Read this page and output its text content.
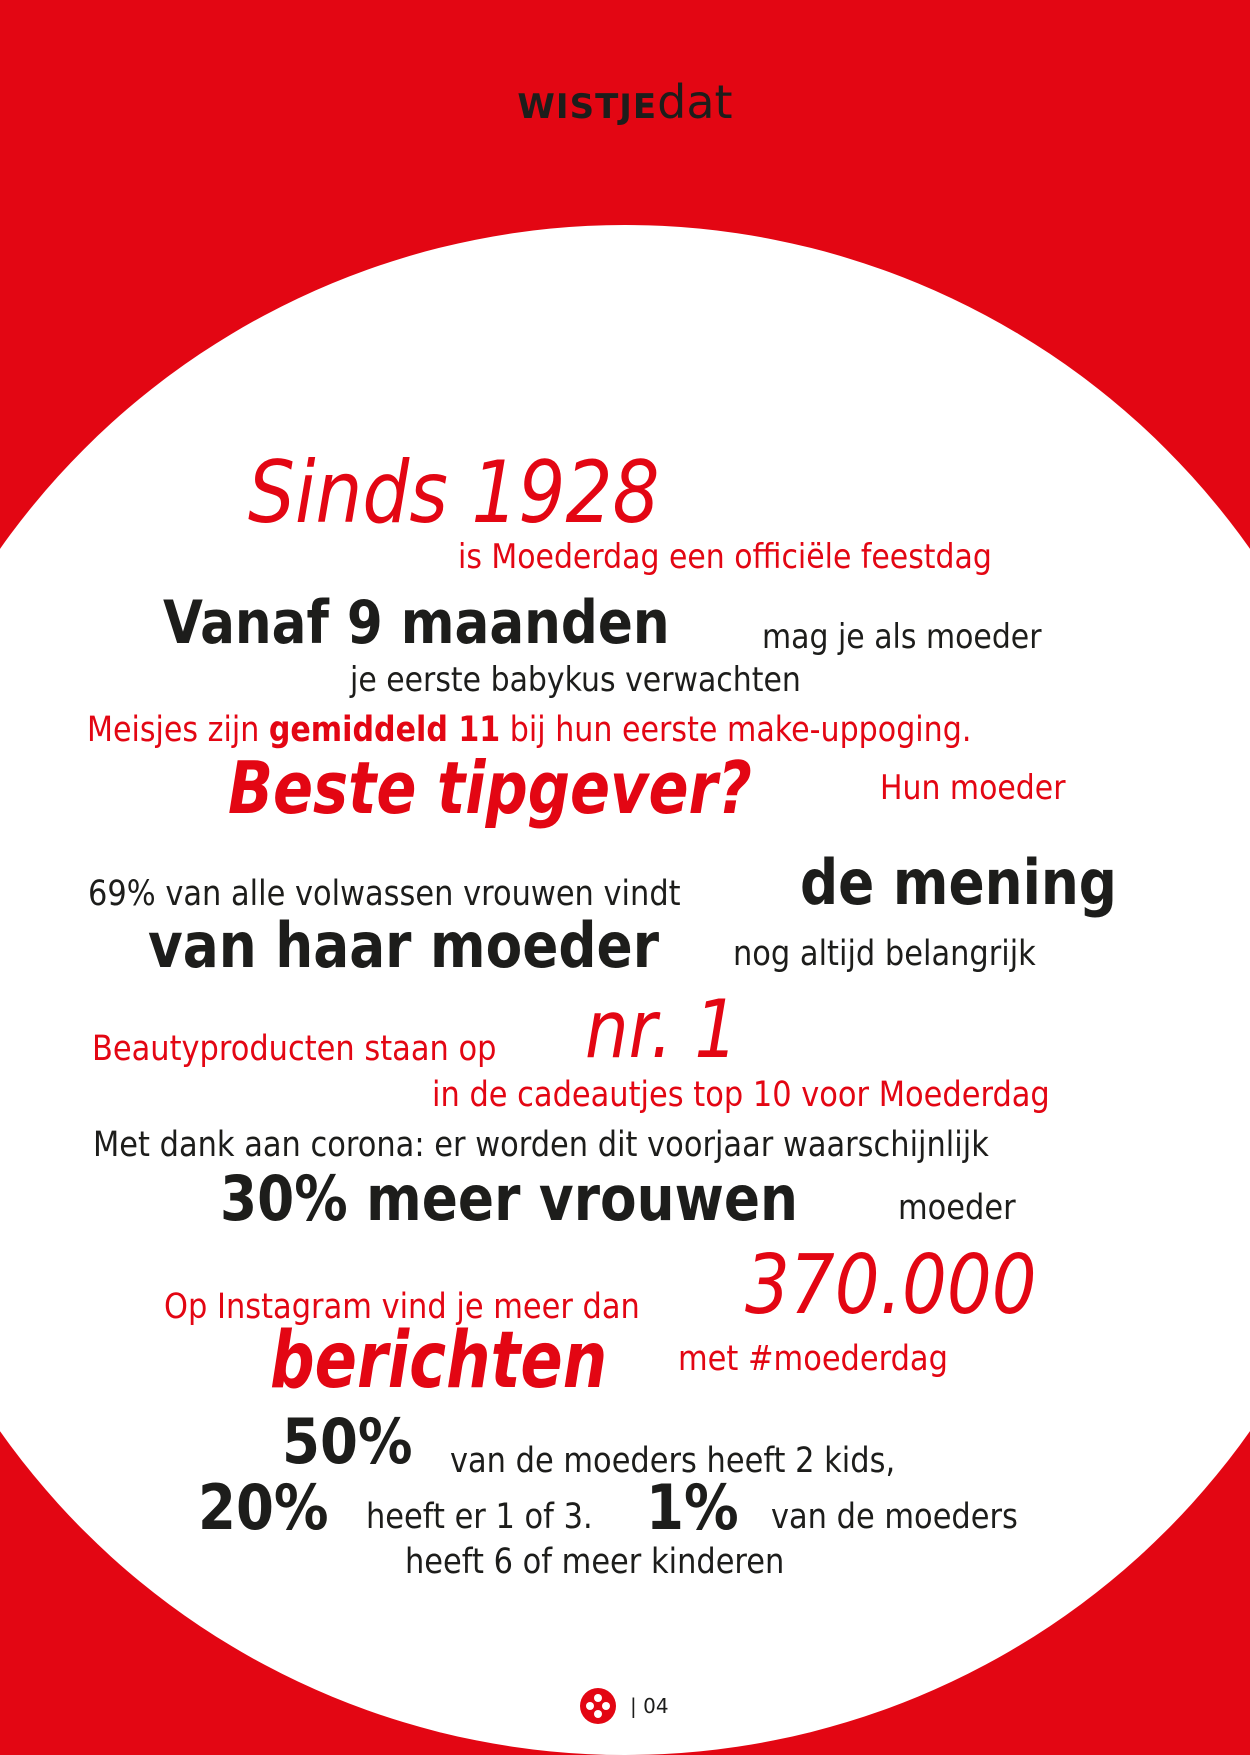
WISTJEdat
Sinds 1928
is Moederdag een officiële feestdag
Vanaf 9 maanden	mag je als moeder
je eerste babykus verwachten
Meisjes zijn gemiddeld 11 bij hun eerste make-uppoging.
Beste tipgever?	Hun moeder
69% van alle volwassen vrouwen vindt de mening
van haar moeder nog altijd belangrijk
Beautyproducten staan op nr. 1
in de cadeautjes top 10 voor Moederdag
Met dank aan corona: er worden dit voorjaar waarschijnlijk
30% meer vrouwen	moeder
Op Instagram vind je meer dan 370.000
berichten met #moederdag
50% van de moeders heeft 2 kids,
20% heeft er 1 of 3. 1% van de moeders
heeft 6 of meer kinderen
| 04
